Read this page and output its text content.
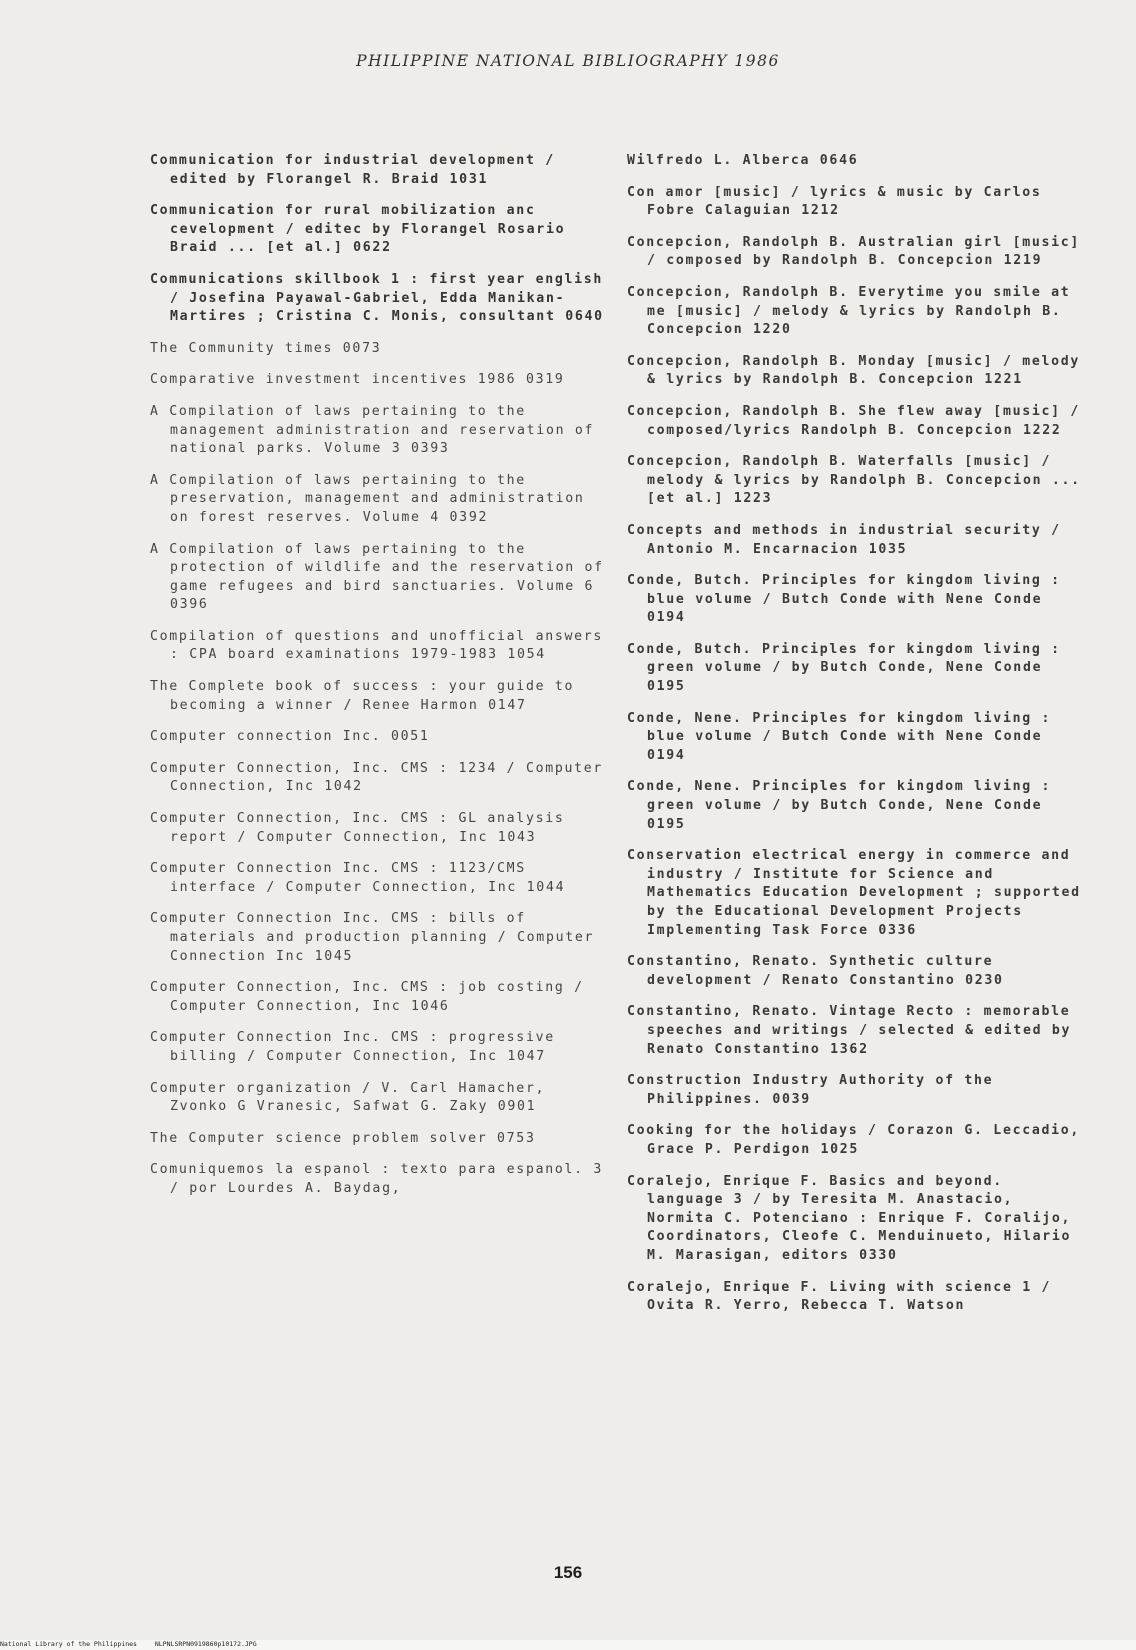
PHILIPPINE NATIONAL BIBLIOGRAPHY 1986
Communication for industrial development / edited by Florangel R. Braid 1031
Communication for rural mobilization anc cevelopment / editec by Florangel Rosario Braid ... [et al.] 0622
Communications skillbook 1 : first year english / Josefina Payawal-Gabriel, Edda Manikan-Martires ; Cristina C. Monis, consultant 0640
The Community times 0073
Comparative investment incentives 1986 0319
A Compilation of laws pertaining to the management administration and reservation of national parks. Volume 3 0393
A Compilation of laws pertaining to the preservation, management and administration on forest reserves. Volume 4 0392
A Compilation of laws pertaining to the protection of wildlife and the reservation of game refugees and bird sanctuaries. Volume 6 0396
Compilation of questions and unofficial answers : CPA board examinations 1979-1983 1054
The Complete book of success : your guide to becoming a winner / Renee Harmon 0147
Computer connection Inc. 0051
Computer Connection, Inc. CMS : 1234 / Computer Connection, Inc 1042
Computer Connection, Inc. CMS : GL analysis report / Computer Connection, Inc 1043
Computer Connection Inc. CMS : 1123/CMS interface / Computer Connection, Inc 1044
Computer Connection Inc. CMS : bills of materials and production planning / Computer Connection Inc 1045
Computer Connection, Inc. CMS : job costing / Computer Connection, Inc 1046
Computer Connection Inc. CMS : progressive billing / Computer Connection, Inc 1047
Computer organization / V. Carl Hamacher, Zvonko G Vranesic, Safwat G. Zaky 0901
The Computer science problem solver 0753
Comuniquemos la espanol : texto para espanol. 3 / por Lourdes A. Baydag,
Wilfredo L. Alberca 0646
Con amor [music] / lyrics & music by Carlos Fobre Calaguian 1212
Concepcion, Randolph B. Australian girl [music] / composed by Randolph B. Concepcion 1219
Concepcion, Randolph B. Everytime you smile at me [music] / melody & lyrics by Randolph B. Concepcion 1220
Concepcion, Randolph B. Monday [music] / melody & lyrics by Randolph B. Concepcion 1221
Concepcion, Randolph B. She flew away [music] / composed/lyrics Randolph B. Concepcion 1222
Concepcion, Randolph B. Waterfalls [music] / melody & lyrics by Randolph B. Concepcion ... [et al.] 1223
Concepts and methods in industrial security / Antonio M. Encarnacion 1035
Conde, Butch. Principles for kingdom living : blue volume / Butch Conde with Nene Conde 0194
Conde, Butch. Principles for kingdom living : green volume / by Butch Conde, Nene Conde 0195
Conde, Nene. Principles for kingdom living : blue volume / Butch Conde with Nene Conde 0194
Conde, Nene. Principles for kingdom living : green volume / by Butch Conde, Nene Conde 0195
Conservation electrical energy in commerce and industry / Institute for Science and Mathematics Education Development ; supported by the Educational Development Projects Implementing Task Force 0336
Constantino, Renato. Synthetic culture development / Renato Constantino 0230
Constantino, Renato. Vintage Recto : memorable speeches and writings / selected & edited by Renato Constantino 1362
Construction Industry Authority of the Philippines. 0039
Cooking for the holidays / Corazon G. Leccadio, Grace P. Perdigon 1025
Coralejo, Enrique F. Basics and beyond. language 3 / by Teresita M. Anastacio, Normita C. Potenciano : Enrique F. Coralijo, Coordinators, Cleofe C. Menduinueto, Hilario M. Marasigan, editors 0330
Coralejo, Enrique F. Living with science 1 / Ovita R. Yerro, Rebecca T. Watson
156
National Library of the Philippines	NLPNLSRPN0919860p10172.JPG
